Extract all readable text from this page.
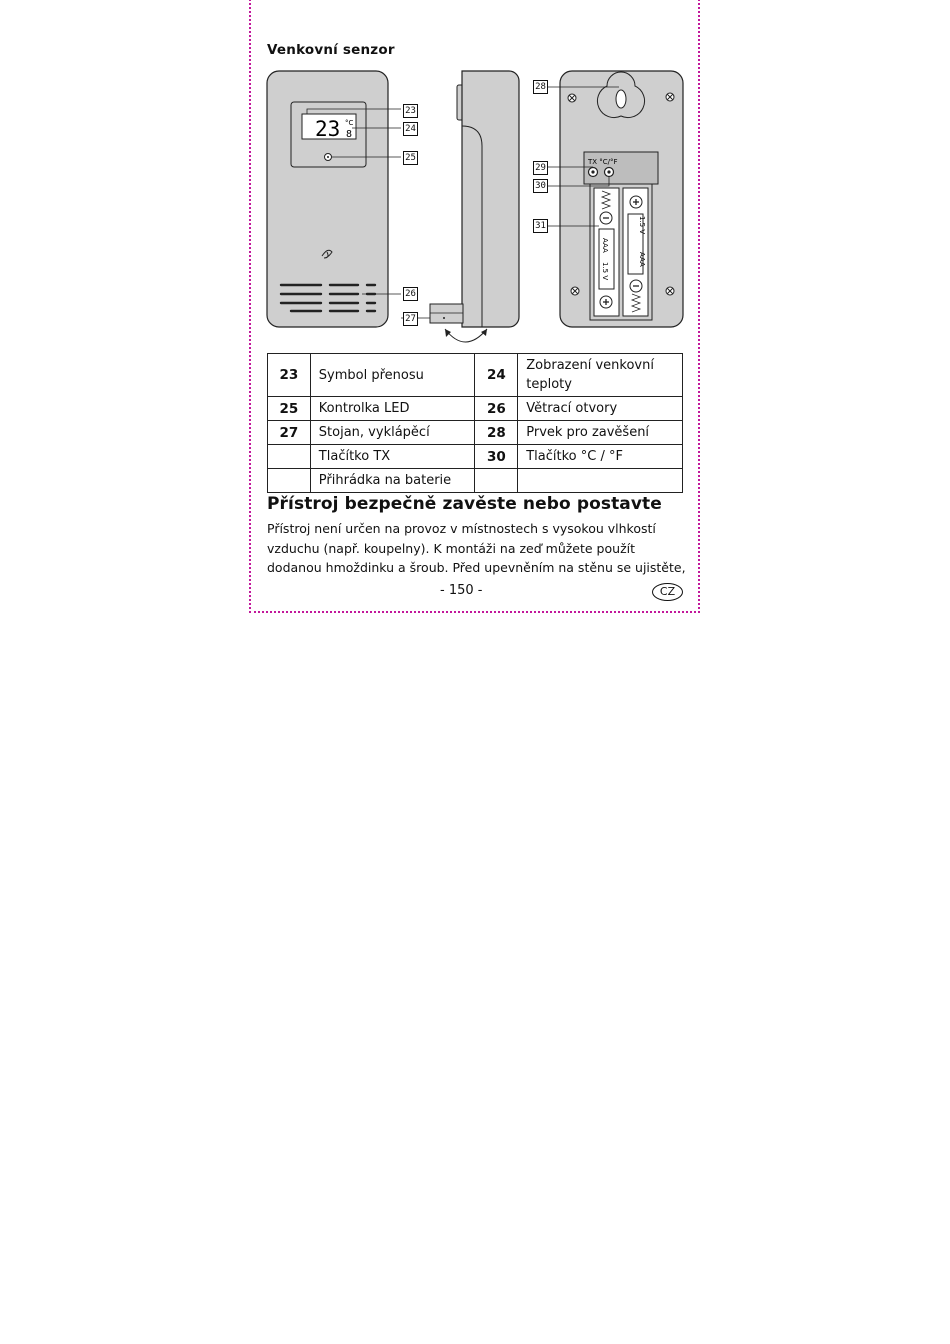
Venkovní senzor
23 °C
8
TX °C/°F
AAA
1.5 V
1.5 V
AAA
23
24
25
26
27
28
29
30
31
23	Symbol přenosu	24	Zobrazení venkovní teploty
25	Kontrolka LED	26	Větrací otvory
27	Stojan, vyklápěcí	28	Prvek pro zavěšení
	Tlačítko TX	30	Tlačítko °C / °F
	Přihrádka na baterie		
Přístroj bezpečně zavěste nebo postavte
Přístroj není určen na provoz v místnostech s vysokou vlhkostí vzduchu (např. koupelny). K montáži na zeď můžete použít dodanou hmoždinku a šroub. Před upevněním na stěnu se ujistěte,
- 150 -	CZ
